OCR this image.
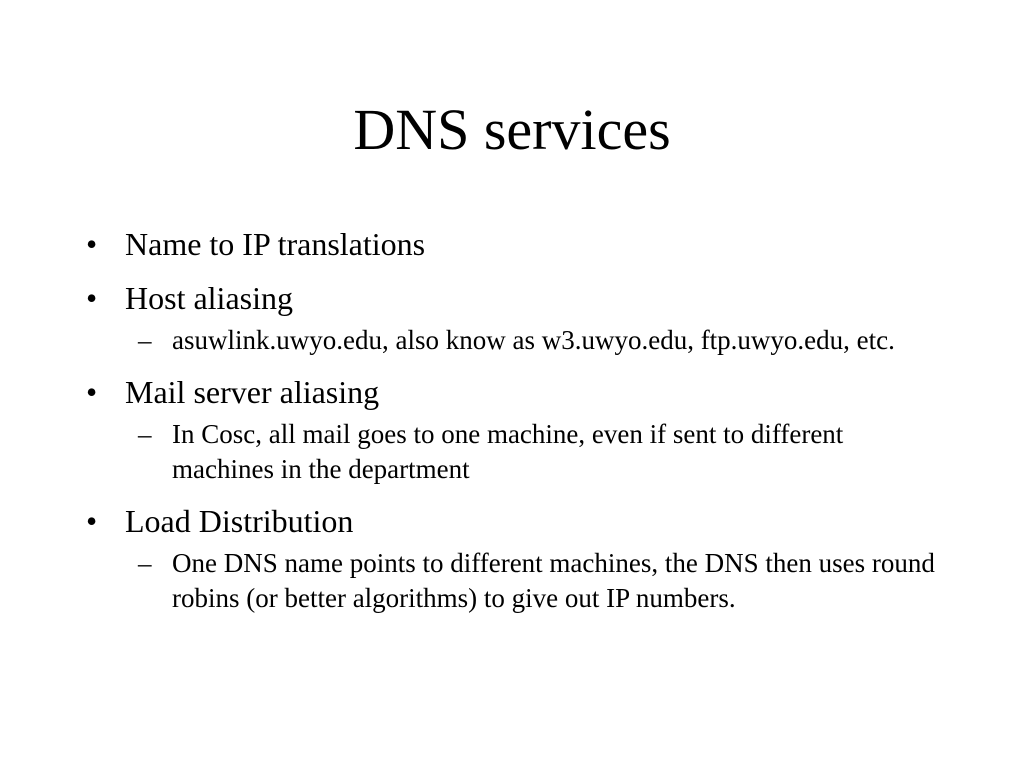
DNS services
• Name to IP translations
• Host aliasing
– asuwlink.uwyo.edu, also know as w3.uwyo.edu, ftp.uwyo.edu, etc.
• Mail server aliasing
– In Cosc, all mail goes to one machine, even if sent to different machines in the department
• Load Distribution
– One DNS name points to different machines, the DNS then uses round robins (or better algorithms) to give out IP numbers.
